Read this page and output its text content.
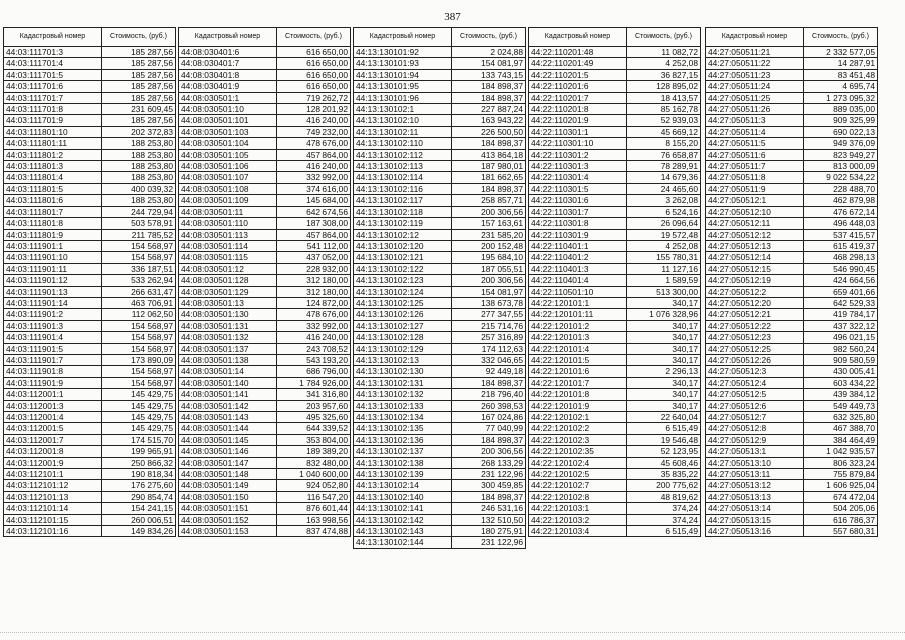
387
Кадастровый номер	Стоимость, (руб.)
44:03:111701:3	185 287,56
44:03:111701:4	185 287,56
44:03:111701:5	185 287,56
44:03:111701:6	185 287,56
44:03:111701:7	185 287,56
44:03:111701:8	231 609,45
44:03:111701:9	185 287,56
44:03:111801:10	202 372,83
44:03:111801:11	188 253,80
44:03:111801:2	188 253,80
44:03:111801:3	188 253,80
44:03:111801:4	188 253,80
44:03:111801:5	400 039,32
44:03:111801:6	188 253,80
44:03:111801:7	244 729,94
44:03:111801:8	503 578,91
44:03:111801:9	211 785,52
44:03:111901:1	154 568,97
44:03:111901:10	154 568,97
44:03:111901:11	336 187,51
44:03:111901:12	533 262,94
44:03:111901:13	266 631,47
44:03:111901:14	463 706,91
44:03:111901:2	112 062,50
44:03:111901:3	154 568,97
44:03:111901:4	154 568,97
44:03:111901:5	154 568,97
44:03:111901:7	173 890,09
44:03:111901:8	154 568,97
44:03:111901:9	154 568,97
44:03:112001:1	145 429,75
44:03:112001:3	145 429,75
44:03:112001:4	145 429,75
44:03:112001:5	145 429,75
44:03:112001:7	174 515,70
44:03:112001:8	199 965,91
44:03:112001:9	250 866,32
44:03:112101:1	190 818,34
44:03:112101:12	176 275,60
44:03:112101:13	290 854,74
44:03:112101:14	154 241,15
44:03:112101:15	260 006,51
44:03:112101:16	149 834,26
Кадастровый номер	Стоимость, (руб.)
44:08:030401:6	616 650,00
44:08:030401:7	616 650,00
44:08:030401:8	616 650,00
44:08:030401:9	616 650,00
44:08:030501:1	719 262,72
44:08:030501:10	128 201,92
44:08:030501:101	416 240,00
44:08:030501:103	749 232,00
44:08:030501:104	478 676,00
44:08:030501:105	457 864,00
44:08:030501:106	416 240,00
44:08:030501:107	332 992,00
44:08:030501:108	374 616,00
44:08:030501:109	145 684,00
44:08:030501:11	642 674,56
44:08:030501:110	187 308,00
44:08:030501:113	457 864,00
44:08:030501:114	541 112,00
44:08:030501:115	437 052,00
44:08:030501:12	228 932,00
44:08:030501:128	312 180,00
44:08:030501:129	312 180,00
44:08:030501:13	124 872,00
44:08:030501:130	478 676,00
44:08:030501:131	332 992,00
44:08:030501:132	416 240,00
44:08:030501:137	243 708,52
44:08:030501:138	543 193,20
44:08:030501:14	686 796,00
44:08:030501:140	1 784 926,00
44:08:030501:141	341 316,80
44:08:030501:142	203 957,60
44:08:030501:143	495 325,60
44:08:030501:144	644 339,52
44:08:030501:145	353 804,00
44:08:030501:146	189 389,20
44:08:030501:147	832 480,00
44:08:030501:148	1 040 600,00
44:08:030501:149	924 052,80
44:08:030501:150	116 547,20
44:08:030501:151	876 601,44
44:08:030501:152	163 998,56
44:08:030501:153	837 474,88
Кадастровый номер	Стоимость, (руб.)
44:13:130101:92	2 024,88
44:13:130101:93	154 081,97
44:13:130101:94	133 743,15
44:13:130101:95	184 898,37
44:13:130101:96	184 898,37
44:13:130102:1	227 887,24
44:13:130102:10	163 943,22
44:13:130102:11	226 500,50
44:13:130102:110	184 898,37
44:13:130102:112	413 864,18
44:13:130102:113	187 980,01
44:13:130102:114	181 662,65
44:13:130102:116	184 898,37
44:13:130102:117	258 857,71
44:13:130102:118	200 306,56
44:13:130102:119	157 163,61
44:13:130102:12	231 585,20
44:13:130102:120	200 152,48
44:13:130102:121	195 684,10
44:13:130102:122	187 055,51
44:13:130102:123	200 306,56
44:13:130102:124	154 081,97
44:13:130102:125	138 673,78
44:13:130102:126	277 347,55
44:13:130102:127	215 714,76
44:13:130102:128	257 316,89
44:13:130102:129	174 112,63
44:13:130102:13	332 046,65
44:13:130102:130	92 449,18
44:13:130102:131	184 898,37
44:13:130102:132	218 796,40
44:13:130102:133	260 398,53
44:13:130102:134	167 024,86
44:13:130102:135	77 040,99
44:13:130102:136	184 898,37
44:13:130102:137	200 306,56
44:13:130102:138	268 133,29
44:13:130102:139	231 122,96
44:13:130102:14	300 459,85
44:13:130102:140	184 898,37
44:13:130102:141	246 531,16
44:13:130102:142	132 510,50
44:13:130102:143	180 275,91
44:13:130102:144	231 122,96
Кадастровый номер	Стоимость, (руб.)
44:22:110201:48	11 082,72
44:22:110201:49	4 252,08
44:22:110201:5	36 827,15
44:22:110201:6	128 895,02
44:22:110201:7	18 413,57
44:22:110201:8	85 162,78
44:22:110201:9	52 939,03
44:22:110301:1	45 669,12
44:22:110301:10	8 155,20
44:22:110301:2	76 658,87
44:22:110301:3	78 289,91
44:22:110301:4	14 679,36
44:22:110301:5	24 465,60
44:22:110301:6	3 262,08
44:22:110301:7	6 524,16
44:22:110301:8	26 096,64
44:22:110301:9	19 572,48
44:22:110401:1	4 252,08
44:22:110401:2	155 780,31
44:22:110401:3	11 127,16
44:22:110401:4	1 589,59
44:22:110501:10	513 300,00
44:22:120101:1	340,17
44:22:120101:11	1 076 328,96
44:22:120101:2	340,17
44:22:120101:3	340,17
44:22:120101:4	340,17
44:22:120101:5	340,17
44:22:120101:6	2 296,13
44:22:120101:7	340,17
44:22:120101:8	340,17
44:22:120101:9	340,17
44:22:120102:1	22 640,04
44:22:120102:2	6 515,49
44:22:120102:3	19 546,48
44:22:120102:35	52 123,95
44:22:120102:4	45 608,46
44:22:120102:5	35 835,22
44:22:120102:7	200 775,62
44:22:120102:8	48 819,62
44:22:120103:1	374,24
44:22:120103:2	374,24
44:22:120103:4	6 515,49
Кадастровый номер	Стоимость, (руб.)
44:27:050511:21	2 332 577,05
44:27:050511:22	14 287,91
44:27:050511:23	83 451,48
44:27:050511:24	4 695,74
44:27:050511:25	1 273 095,32
44:27:050511:26	889 035,00
44:27:050511:3	909 325,99
44:27:050511:4	690 022,13
44:27:050511:5	949 376,09
44:27:050511:6	823 949,27
44:27:050511:7	813 000,09
44:27:050511:8	9 022 534,22
44:27:050511:9	228 488,70
44:27:050512:1	462 879,98
44:27:050512:10	476 672,14
44:27:050512:11	496 448,03
44:27:050512:12	537 415,57
44:27:050512:13	615 419,37
44:27:050512:14	468 298,13
44:27:050512:15	546 990,45
44:27:050512:19	424 664,56
44:27:050512:2	659 401,66
44:27:050512:20	642 529,33
44:27:050512:21	419 784,17
44:27:050512:22	437 322,12
44:27:050512:23	496 021,15
44:27:050512:25	982 560,24
44:27:050512:26	909 580,59
44:27:050512:3	430 005,41
44:27:050512:4	603 434,22
44:27:050512:5	439 384,12
44:27:050512:6	549 449,73
44:27:050512:7	632 325,80
44:27:050512:8	467 388,70
44:27:050512:9	384 464,49
44:27:050513:1	1 042 935,57
44:27:050513:10	806 323,24
44:27:050513:11	755 879,84
44:27:050513:12	1 606 925,04
44:27:050513:13	674 472,04
44:27:050513:14	504 205,06
44:27:050513:15	616 786,37
44:27:050513:16	557 680,31
